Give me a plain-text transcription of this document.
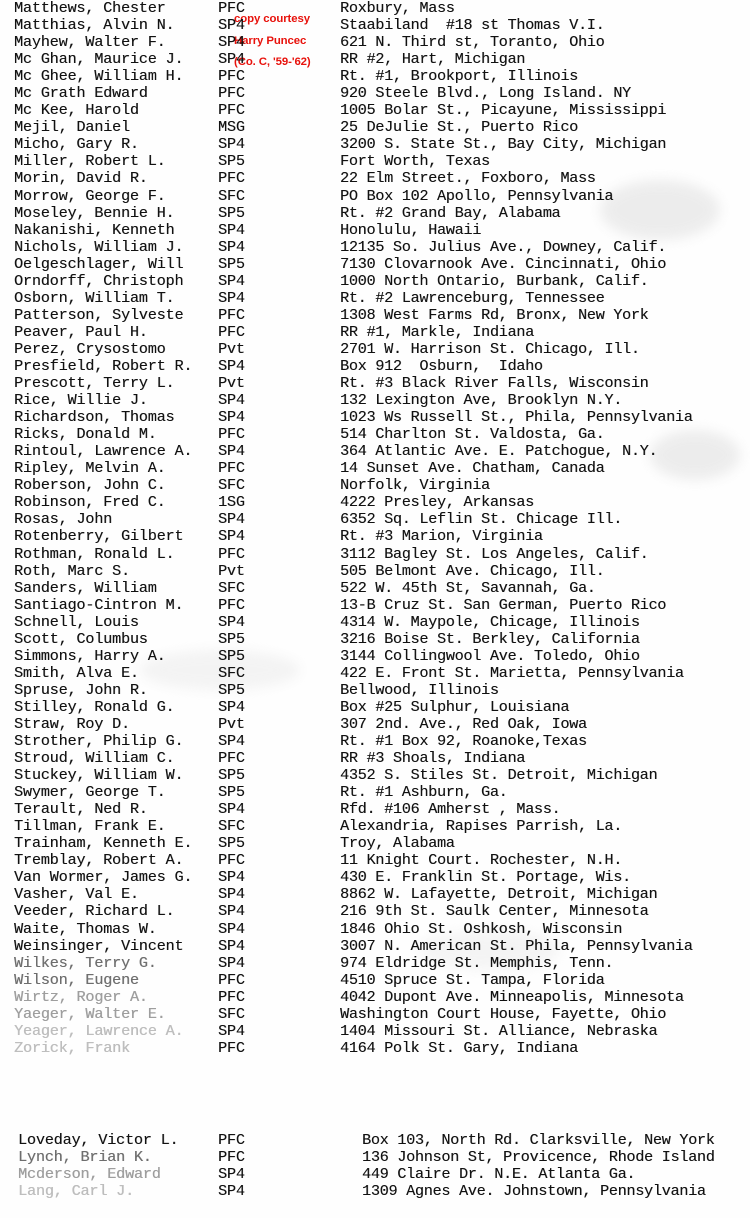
copy courtesy
Harry Puncec
(Co. C, '59-'62)
Matthews, Chester	PFC	Roxbury, Mass
Matthias, Alvin N.	SP4	Staabiland  #18 st Thomas V.I.
Mayhew, Walter F.	SP4	621 N. Third st, Toranto, Ohio
Mc Ghan, Maurice J.	SP4	RR #2, Hart, Michigan
Mc Ghee, William H.	PFC	Rt. #1, Brookport, Illinois
Mc Grath Edward	PFC	920 Steele Blvd., Long Island. NY
Mc Kee, Harold	PFC	1005 Bolar St., Picayune, Mississippi
Mejil, Daniel	MSG	25 DeJulie St., Puerto Rico
Micho, Gary R.	SP4	3200 S. State St., Bay City, Michigan
Miller, Robert L.	SP5	Fort Worth, Texas
Morin, David R.	PFC	22 Elm Street., Foxboro, Mass
Morrow, George F.	SFC	PO Box 102 Apollo, Pennsylvania
Moseley, Bennie H.	SP5	Rt. #2 Grand Bay, Alabama
Nakanishi, Kenneth	SP4	Honolulu, Hawaii
Nichols, William J.	SP4	12135 So. Julius Ave., Downey, Calif.
Oelgeschlager, Will	SP5	7130 Clovarnook Ave. Cincinnati, Ohio
Orndorff, Christoph	SP4	1000 North Ontario, Burbank, Calif.
Osborn, William T.	SP4	Rt. #2 Lawrenceburg, Tennessee
Patterson, Sylveste	PFC	1308 West Farms Rd, Bronx, New York
Peaver, Paul H.	PFC	RR #1, Markle, Indiana
Perez, Crysostomo	Pvt	2701 W. Harrison St. Chicago, Ill.
Presfield, Robert R.	SP4	Box 912  Osburn,  Idaho
Prescott, Terry L.	Pvt	Rt. #3 Black River Falls, Wisconsin
Rice, Willie J.	SP4	132 Lexington Ave, Brooklyn N.Y.
Richardson, Thomas	SP4	1023 Ws Russell St., Phila, Pennsylvania
Ricks, Donald M.	PFC	514 Charlton St. Valdosta, Ga.
Rintoul, Lawrence A.	SP4	364 Atlantic Ave. E. Patchogue, N.Y.
Ripley, Melvin A.	PFC	14 Sunset Ave. Chatham, Canada
Roberson, John C.	SFC	Norfolk, Virginia
Robinson, Fred C.	1SG	4222 Presley, Arkansas
Rosas, John	SP4	6352 Sq. Leflin St. Chicage Ill.
Rotenberry, Gilbert	SP4	Rt. #3 Marion, Virginia
Rothman, Ronald L.	PFC	3112 Bagley St. Los Angeles, Calif.
Roth, Marc S.	Pvt	505 Belmont Ave. Chicago, Ill.
Sanders, William	SFC	522 W. 45th St, Savannah, Ga.
Santiago-Cintron M.	PFC	13-B Cruz St. San German, Puerto Rico
Schnell, Louis	SP4	4314 W. Maypole, Chicage, Illinois
Scott, Columbus	SP5	3216 Boise St. Berkley, California
Simmons, Harry A.	SP5	3144 Collingwool Ave. Toledo, Ohio
Smith, Alva E.	SFC	422 E. Front St. Marietta, Pennsylvania
Spruse, John R.	SP5	Bellwood, Illinois
Stilley, Ronald G.	SP4	Box #25 Sulphur, Louisiana
Straw, Roy D.	Pvt	307 2nd. Ave., Red Oak, Iowa
Strother, Philip G.	SP4	Rt. #1 Box 92, Roanoke,Texas
Stroud, William C.	PFC	RR #3 Shoals, Indiana
Stuckey, William W.	SP5	4352 S. Stiles St. Detroit, Michigan
Swymer, George T.	SP5	Rt. #1 Ashburn, Ga.
Terault, Ned R.	SP4	Rfd. #106 Amherst , Mass.
Tillman, Frank E.	SFC	Alexandria, Rapises Parrish, La.
Trainham, Kenneth E.	SP5	Troy, Alabama
Tremblay, Robert A.	PFC	11 Knight Court. Rochester, N.H.
Van Wormer, James G.	SP4	430 E. Franklin St. Portage, Wis.
Vasher, Val E.	SP4	8862 W. Lafayette, Detroit, Michigan
Veeder, Richard L.	SP4	216 9th St. Saulk Center, Minnesota
Waite, Thomas W.	SP4	1846 Ohio St. Oshkosh, Wisconsin
Weinsinger, Vincent	SP4	3007 N. American St. Phila, Pennsylvania
Wilkes, Terry G.	SP4	974 Eldridge St. Memphis, Tenn.
Wilson, Eugene	PFC	4510 Spruce St. Tampa, Florida
Wirtz, Roger A.	PFC	4042 Dupont Ave. Minneapolis, Minnesota
Yaeger, Walter E.	SFC	Washington Court House, Fayette, Ohio
Yeager, Lawrence A.	SP4	1404 Missouri St. Alliance, Nebraska
Zorick, Frank	PFC	4164 Polk St. Gary, Indiana
Loveday, Victor L.	PFC	Box 103, North Rd. Clarksville, New York
Lynch, Brian K.	PFC	136 Johnson St, Provicence, Rhode Island
Mcderson, Edward	SP4	449 Claire Dr. N.E. Atlanta Ga.
Lang, Carl J.	SP4	1309 Agnes Ave. Johnstown, Pennsylvania
